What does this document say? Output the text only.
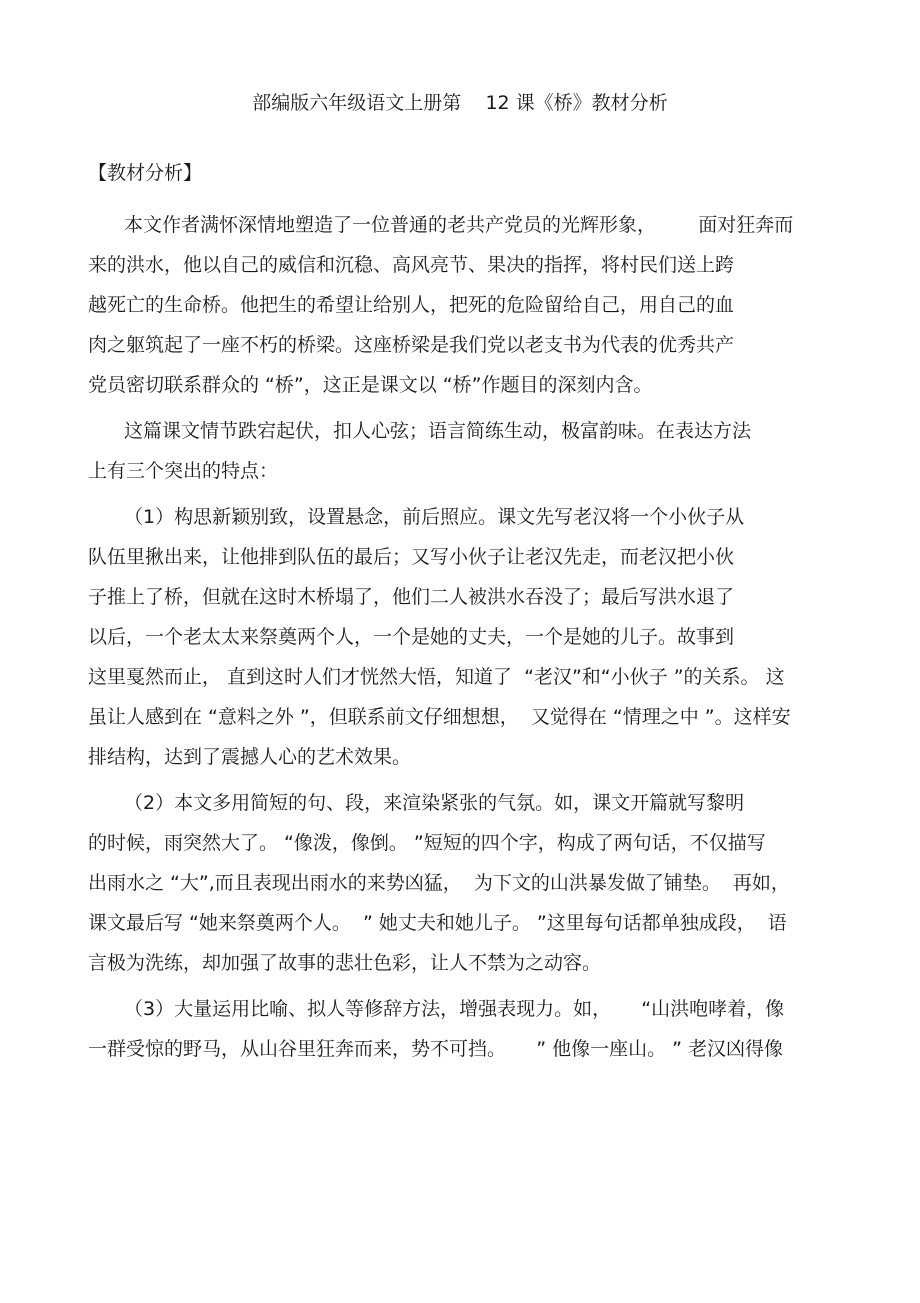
部编版六年级语文上册第    12 课《桥》教材分析
【教材分析】
本文作者满怀深情地塑造了一位普通的老共产党员的光辉形象，       面对狂奔而
来的洪水，他以自己的威信和沉稳、高风亮节、果决的指挥，将村民们送上跨
越死亡的生命桥。他把生的希望让给别人，把死的危险留给自己，用自己的血
肉之躯筑起了一座不朽的桥梁。这座桥梁是我们党以老支书为代表的优秀共产
党员密切联系群众的 “桥”，这正是课文以 “桥”作题目的深刻内含。
这篇课文情节跌宕起伏，扣人心弦；语言简练生动，极富韵味。在表达方法
上有三个突出的特点：
（1）构思新颖别致，设置悬念，前后照应。课文先写老汉将一个小伙子从
队伍里揪出来，让他排到队伍的最后；又写小伙子让老汉先走，而老汉把小伙
子推上了桥，但就在这时木桥塌了，他们二人被洪水吞没了；最后写洪水退了
以后，一个老太太来祭奠两个人，一个是她的丈夫，一个是她的儿子。故事到
这里戛然而止， 直到这时人们才恍然大悟，知道了  “老汉”和“小伙子 ”的关系。 这
虽让人感到在 “意料之外 ”，但联系前文仔细想想，  又觉得在 “情理之中 ”。这样安
排结构，达到了震撼人心的艺术效果。
（2）本文多用简短的句、段，来渲染紧张的气氛。如，课文开篇就写黎明
的时候，雨突然大了。 “像泼，像倒。 ”短短的四个字，构成了两句话，不仅描写
出雨水之 “大”,而且表现出雨水的来势凶猛，  为下文的山洪暴发做了铺垫。  再如，
课文最后写 “她来祭奠两个人。  ” 她丈夫和她儿子。 ”这里每句话都单独成段，  语
言极为洗练，却加强了故事的悲壮色彩，让人不禁为之动容。
（3）大量运用比喻、拟人等修辞方法，增强表现力。如，     “山洪咆哮着，像
一群受惊的野马，从山谷里狂奔而来，势不可挡。     ” 他像一座山。 ” 老汉凶得像
